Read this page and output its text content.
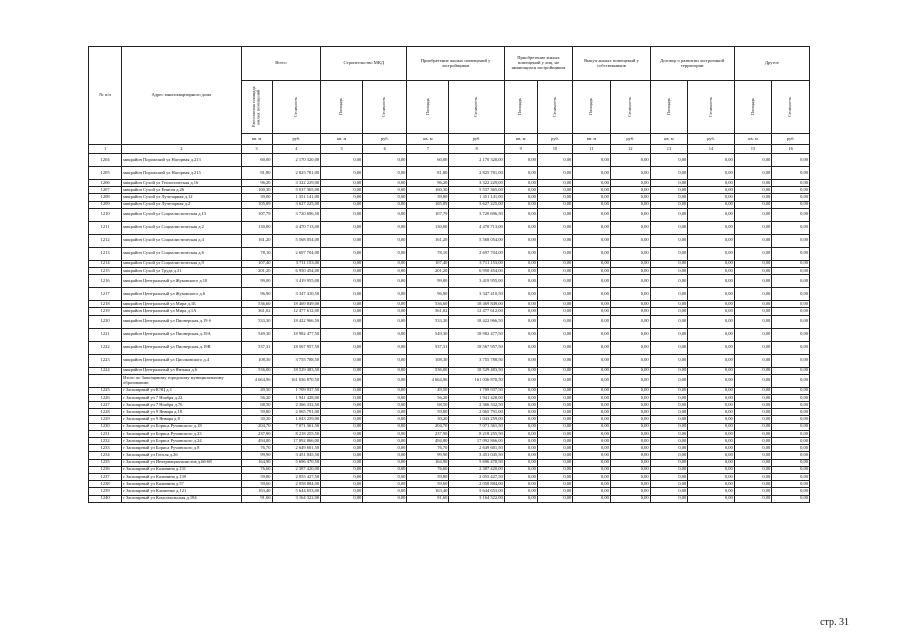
№ п/п	Адрес многоквартирного дома	Всего		Строительство МКД		Приобретение жилых помещений у застройщиков		Приобретение жилых помещений у лиц, не являющихся застройщиком		Выкуп жилых помещений у собственников		Договор о развитии застроенной территории		Другое	

		Расселяемая площадь жилых помещений	Стоимость	Площадь	Стоимость	Площадь	Стоимость	Площадь	Стоимость	Площадь	Стоимость	Площадь	Стоимость	Площадь	Стоимость

		кв. м	руб.	кв. м	руб.	кв. м	руб.	кв. м	руб.	кв. м	руб.	кв. м	руб.	кв. м	руб.
1	2	3	4	5	6	7	8	9	10	11	12	13	14	15	16
1204	микрайон Порожский ул Нагорная д.213	60,00	2 170 320,00	0,00	0,00	60,00	2 170 320,00	0,00	0,00	0,00	0,00	0,00	0,00	0,00	0,00
1205	микрайон Порожский ул Нагорная д.215	81,80	2 825 781,00	0,00	0,00	81,80	2 825 781,00	0,00	0,00	0,00	0,00	0,00	0,00	0,00	0,00
1206	микрайон Сухой ул Геологическая д.16	96,20	3 322 229,00	0,00	0,00	96,20	3 322 229,00	0,00	0,00	0,00	0,00	0,00	0,00	0,00	0,00
1207	микрайон Сухой ул Енисея д.26	160,30	5 537 365,00	0,00	0,00	160,30	5 537 365,00	0,00	0,00	0,00	0,00	0,00	0,00	0,00	0,00
1208	микрайон Сухой ул Лучезарная д.12	39,00	1 351 141,00	0,00	0,00	39,00	1 351 141,00	0,00	0,00	0,00	0,00	0,00	0,00	0,00	0,00
1209	микрайон Сухой ул Лучезарная д.2	105,09	3 627 225,00	0,00	0,00	105,09	3 627 225,00	0,00	0,00	0,00	0,00	0,00	0,00	0,00	0,00
1210	микрайон Сухой ул Социалистическая д.13	107,79	3 720 696,50	0,00	0,00	107,79	3 720 696,50	0,00	0,00	0,00	0,00	0,00	0,00	0,00	0,00
1211	микрайон Сухой ул Социалистическая д.2	130,00	4 470 713,00	0,00	0,00	130,00	4 470 713,00	0,00	0,00	0,00	0,00	0,00	0,00	0,00	0,00
1212	микрайон Сухой ул Социалистическая д.4	161,20	5 568 054,00	0,00	0,00	161,20	5 568 054,00	0,00	0,00	0,00	0,00	0,00	0,00	0,00	0,00
1213	микрайон Сухой ул Социалистическая д.6	78,10	2 697 704,00	0,00	0,00	78,10	2 697 704,00	0,00	0,00	0,00	0,00	0,00	0,00	0,00	0,00
1214	микрайон Сухой ул Социалистическая д.9	107,40	3 711 153,00	0,00	0,00	107,40	3 711 153,00	0,00	0,00	0,00	0,00	0,00	0,00	0,00	0,00
1215	микрайон Сухой ул Труда д.31	201,20	6 950 454,00	0,00	0,00	201,20	6 950 454,00	0,00	0,00	0,00	0,00	0,00	0,00	0,00	0,00
1216	микрайон Центральный ул Жуковского д.10	99,00	3 419 955,00	0,00	0,00	99,00	3 419 955,00	0,00	0,00	0,00	0,00	0,00	0,00	0,00	0,00
1217	микрайон Центральный ул Жуковского д.6	96,90	3 347 410,50	0,00	0,00	96,90	3 347 410,50	0,00	0,00	0,00	0,00	0,00	0,00	0,00	0,00
1218	микрайон Центральный ул Мира д.1Б	536,60	18 469 849,00	0,00	0,00	536,60	18 469 849,00	0,00	0,00	0,00	0,00	0,00	0,00	0,00	0,00
1219	микрайон Центральный ул Мира д.1А	361,02	12 477 612,00	0,00	0,00	361,02	12 477 612,00	0,00	0,00	0,00	0,00	0,00	0,00	0,00	0,00
1220	микрайон Центральный ул Пионерская д.19 б	533,30	18 422 966,50	0,00	0,00	533,30	18 422 966,50	0,00	0,00	0,00	0,00	0,00	0,00	0,00	0,00
1221	микрайон Центральный ул Пионерская д.19А	549,30	18 982 477,50	0,00	0,00	549,30	18 982 477,50	0,00	0,00	0,00	0,00	0,00	0,00	0,00	0,00
1222	микрайон Центральный ул Пионерская д.19В	537,31	18 567 957,50	0,00	0,00	537,31	18 567 957,50	0,00	0,00	0,00	0,00	0,00	0,00	0,00	0,00
1223	микрайон Центральный ул Циолковского д.4	108,30	3 755 788,50	0,00	0,00	108,30	3 755 788,50	0,00	0,00	0,00	0,00	0,00	0,00	0,00	0,00
1224	микрайон Центральный ул Янтыка д.6	536,00	18 529 483,50	0,00	0,00	536,00	18 529 483,50	0,00	0,00	0,00	0,00	0,00	0,00	0,00	0,00
	Итого по Заполярному городскому муниципальному образованию:	4 664,96	161 036 870,50	0,00	0,00	4 664,96	161 036 870,50	0,00	0,00	0,00	0,00	0,00	0,00	0,00	0,00
1225	г Заполярный ул КЭЦ д.1	49,50	1 709 937,50	0,00	0,00	49,50	1 709 937,50	0,00	0,00	0,00	0,00	0,00	0,00	0,00	0,00
1226	г Заполярный ул 7 Ноября д.22	56,20	1 941 428,00	0,00	0,00	56,20	1 941 428,00	0,00	0,00	0,00	0,00	0,00	0,00	0,00	0,00
1227	г Заполярный ул 7 Ноября д.76	68,50	2 366 332,50	0,00	0,00	68,50	2 366 332,50	0,00	0,00	0,00	0,00	0,00	0,00	0,00	0,00
1228	г Заполярный ул 9 Января д.18	59,80	2 065 791,00	0,00	0,00	59,80	2 065 791,00	0,00	0,00	0,00	0,00	0,00	0,00	0,00	0,00
1229	г Заполярный ул 9 Января д.8	30,20	1 043 259,00	0,00	0,00	30,20	1 043 259,00	0,00	0,00	0,00	0,00	0,00	0,00	0,00	0,00
1230	г Заполярный ул Бориса Ручинского д.18	204,70	7 071 361,50	0,00	0,00	204,70	7 071 361,50	0,00	0,00	0,00	0,00	0,00	0,00	0,00	0,00
1231	г Заполярный ул Бориса Ручинского д.23	237,90	8 218 255,50	0,00	0,00	237,90	8 218 255,50	0,00	0,00	0,00	0,00	0,00	0,00	0,00	0,00
1232	г Заполярный ул Бориса Ручинского д.24	494,80	17 092 866,00	0,00	0,00	494,80	17 092 866,00	0,00	0,00	0,00	0,00	0,00	0,00	0,00	0,00
1233	г Заполярный ул Бориса Ручинского д.8	76,70	2 649 601,50	0,00	0,00	76,70	2 649 601,50	0,00	0,00	0,00	0,00	0,00	0,00	0,00	0,00
1234	г Заполярный ул Гоголя д.26	99,90	3 451 045,50	0,00	0,00	99,90	3 451 045,50	0,00	0,00	0,00	0,00	0,00	0,00	0,00	0,00
1235	г Заполярный ул Интернационалистов д.66-68	164,90	5 696 470,50	0,00	0,00	164,90	5 696 470,50	0,00	0,00	0,00	0,00	0,00	0,00	0,00	0,00
1236	г Заполярный ул Калинина д.131	76,60	2 387 420,00	0,00	0,00	76,60	2 387 420,00	0,00	0,00	0,00	0,00	0,00	0,00	0,00	0,00
1237	г Заполярный ул Калинина д.139	59,80	2 055 427,50	0,00	0,00	59,80	2 055 427,50	0,00	0,00	0,00	0,00	0,00	0,00	0,00	0,00
1238	г Заполярный ул Калинина д.57	59,60	2 058 884,00	0,00	0,00	59,60	2 058 884,00	0,00	0,00	0,00	0,00	0,00	0,00	0,00	0,00
1239	г Заполярный ул Клименко д.121	163,40	5 644 653,00	0,00	0,00	163,40	5 644 653,00	0,00	0,00	0,00	0,00	0,00	0,00	0,00	0,00
1240	г Заполярный ул Комсомольская д.184	91,60	3 164 322,00	0,00	0,00	91,60	3 164 322,00	0,00	0,00	0,00	0,00	0,00	0,00	0,00	0,00
стр. 31
